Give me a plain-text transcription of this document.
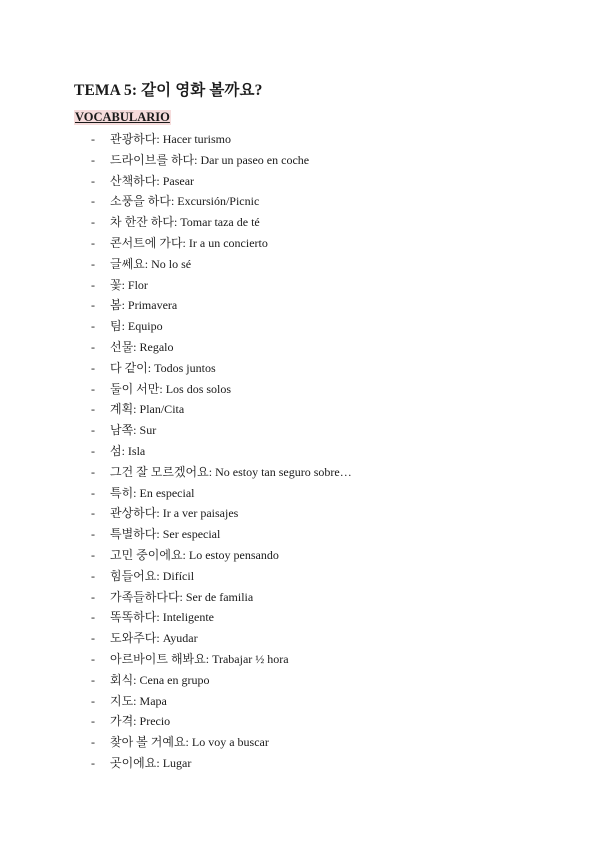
TEMA 5: 같이 영화 볼까요?
VOCABULARIO
- 관광하다: Hacer turismo
- 드라이브를 하다: Dar un paseo en coche
- 산책하다: Pasear
- 소풍을 하다: Excursión/Picnic
- 차 한잔 하다: Tomar taza de té
- 콘서트에 가다: Ir a un concierto
- 글쎄요: No lo sé
- 꽃: Flor
- 봄: Primavera
- 팀: Equipo
- 선물: Regalo
- 다 같이: Todos juntos
- 둘이 서만: Los dos solos
- 계획: Plan/Cita
- 남쪽: Sur
- 섬: Isla
- 그건 잘 모르겠어요: No estoy tan seguro sobre…
- 특히: En especial
- 관상하다: Ir a ver paisajes
- 특별하다: Ser especial
- 고민 중이에요: Lo estoy pensando
- 힘들어요: Difícil
- 가족들하다다: Ser de familia
- 똑똑하다: Inteligente
- 도와주다: Ayudar
- 아르바이트 해봐요: Trabajar ½ hora
- 회식: Cena en grupo
- 지도: Mapa
- 가격: Precio
- 찾아 볼 거예요: Lo voy a buscar
- 곳이에요: Lugar
